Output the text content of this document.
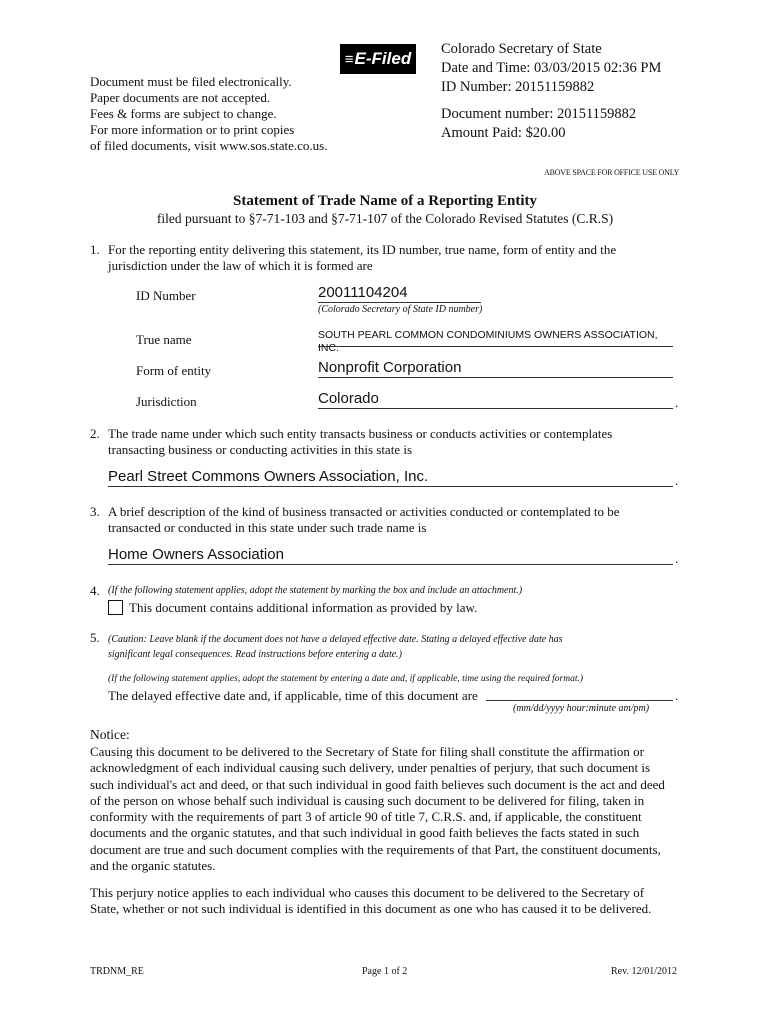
≡E-Filed
Document must be filed electronically.
Paper documents are not accepted.
Fees & forms are subject to change.
For more information or to print copies
of filed documents, visit www.sos.state.co.us.
Colorado Secretary of State
Date and Time: 03/03/2015 02:36 PM
ID Number: 20151159882
Document number: 20151159882
Amount Paid: $20.00
ABOVE SPACE FOR OFFICE USE ONLY
Statement of Trade Name of a Reporting Entity
filed pursuant to §7-71-103 and §7-71-107 of the Colorado Revised Statutes (C.R.S)
1. For the reporting entity delivering this statement, its ID number, true name, form of entity and the
jurisdiction under the law of which it is formed are
ID Number	20011104204
(Colorado Secretary of State ID number)
True name	SOUTH PEARL COMMON CONDOMINIUMS OWNERS ASSOCIATION, INC.
Form of entity	Nonprofit Corporation
Jurisdiction	Colorado	.
2. The trade name under which such entity transacts business or conducts activities or contemplates
transacting business or conducting activities in this state is
Pearl Street Commons Owners Association, Inc.	.
3. A brief description of the kind of business transacted or activities conducted or contemplated to be
transacted or conducted in this state under such trade name is
Home Owners Association	.
4. (If the following statement applies, adopt the statement by marking the box and include an attachment.)
This document contains additional information as provided by law.
5. (Caution: Leave blank if the document does not have a delayed effective date. Stating a delayed effective date has
significant legal consequences. Read instructions before entering a date.)
(If the following statement applies, adopt the statement by entering a date and, if applicable, time using the required format.)
The delayed effective date and, if applicable, time of this document are	.
(mm/dd/yyyy hour:minute am/pm)
Notice:
Causing this document to be delivered to the Secretary of State for filing shall constitute the affirmation or
acknowledgment of each individual causing such delivery, under penalties of perjury, that such document is
such individual's act and deed, or that such individual in good faith believes such document is the act and deed
of the person on whose behalf such individual is causing such document to be delivered for filing, taken in
conformity with the requirements of part 3 of article 90 of title 7, C.R.S. and, if applicable, the constituent
documents and the organic statutes, and that such individual in good faith believes the facts stated in such
document are true and such document complies with the requirements of that Part, the constituent documents,
and the organic statutes.
This perjury notice applies to each individual who causes this document to be delivered to the Secretary of
State, whether or not such individual is identified in this document as one who has caused it to be delivered.
TRDNM_RE	Page 1 of 2	Rev. 12/01/2012
